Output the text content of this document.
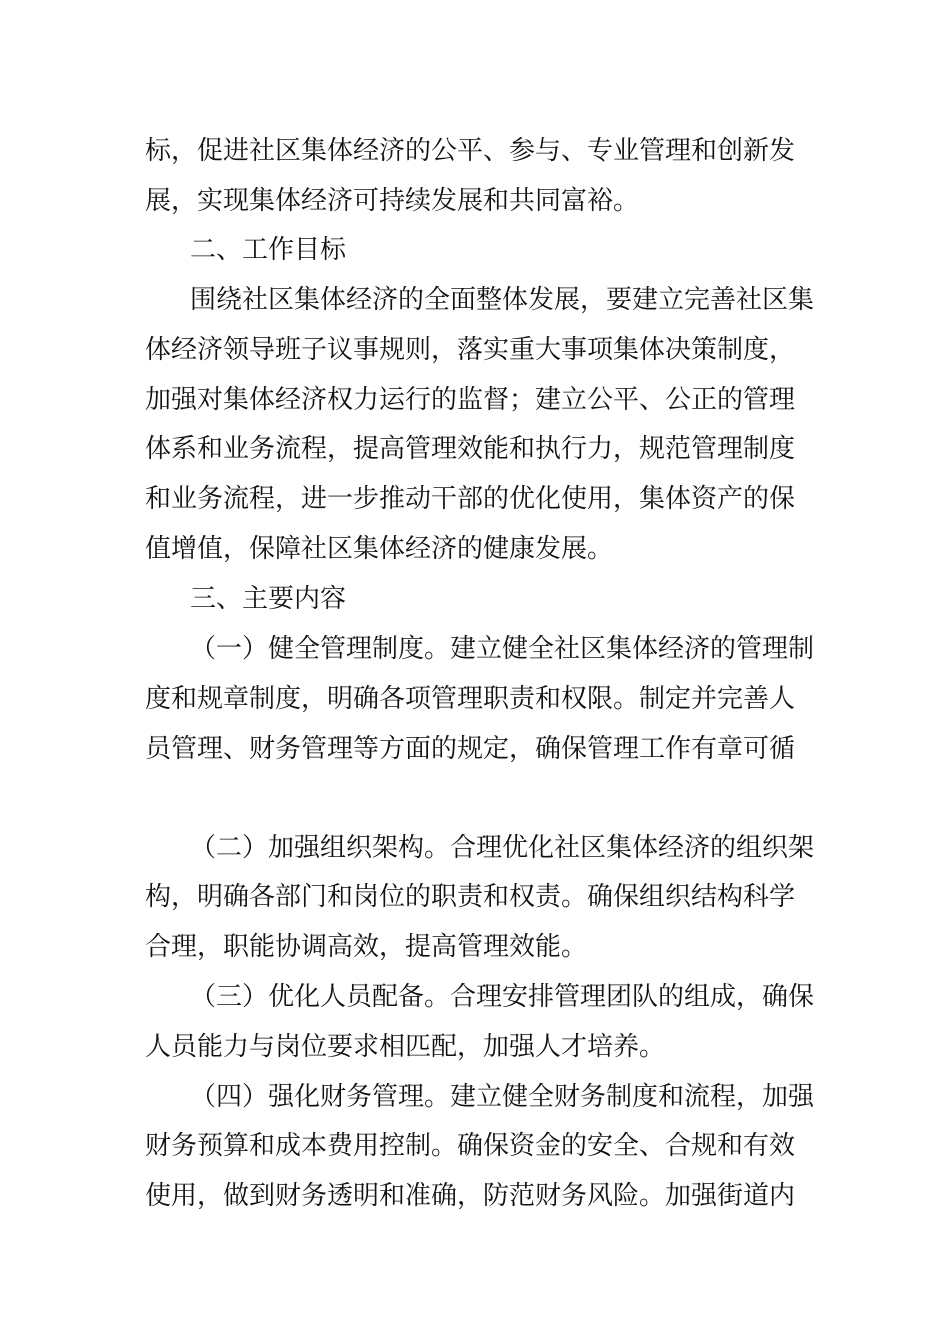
标，促进社区集体经济的公平、参与、专业管理和创新发

展，实现集体经济可持续发展和共同富裕。

二、工作目标

围绕社区集体经济的全面整体发展，要建立完善社区集

体经济领导班子议事规则，落实重大事项集体决策制度，

加强对集体经济权力运行的监督；建立公平、公正的管理

体系和业务流程，提高管理效能和执行力，规范管理制度

和业务流程，进一步推动干部的优化使用，集体资产的保

值增值，保障社区集体经济的健康发展。

三、主要内容

（一）健全管理制度。建立健全社区集体经济的管理制

度和规章制度，明确各项管理职责和权限。制定并完善人

员管理、财务管理等方面的规定，确保管理工作有章可循

（二）加强组织架构。合理优化社区集体经济的组织架

构，明确各部门和岗位的职责和权责。确保组织结构科学

合理，职能协调高效，提高管理效能。

（三）优化人员配备。合理安排管理团队的组成，确保

人员能力与岗位要求相匹配，加强人才培养。

（四）强化财务管理。建立健全财务制度和流程，加强

财务预算和成本费用控制。确保资金的安全、合规和有效

使用，做到财务透明和准确，防范财务风险。加强街道内
